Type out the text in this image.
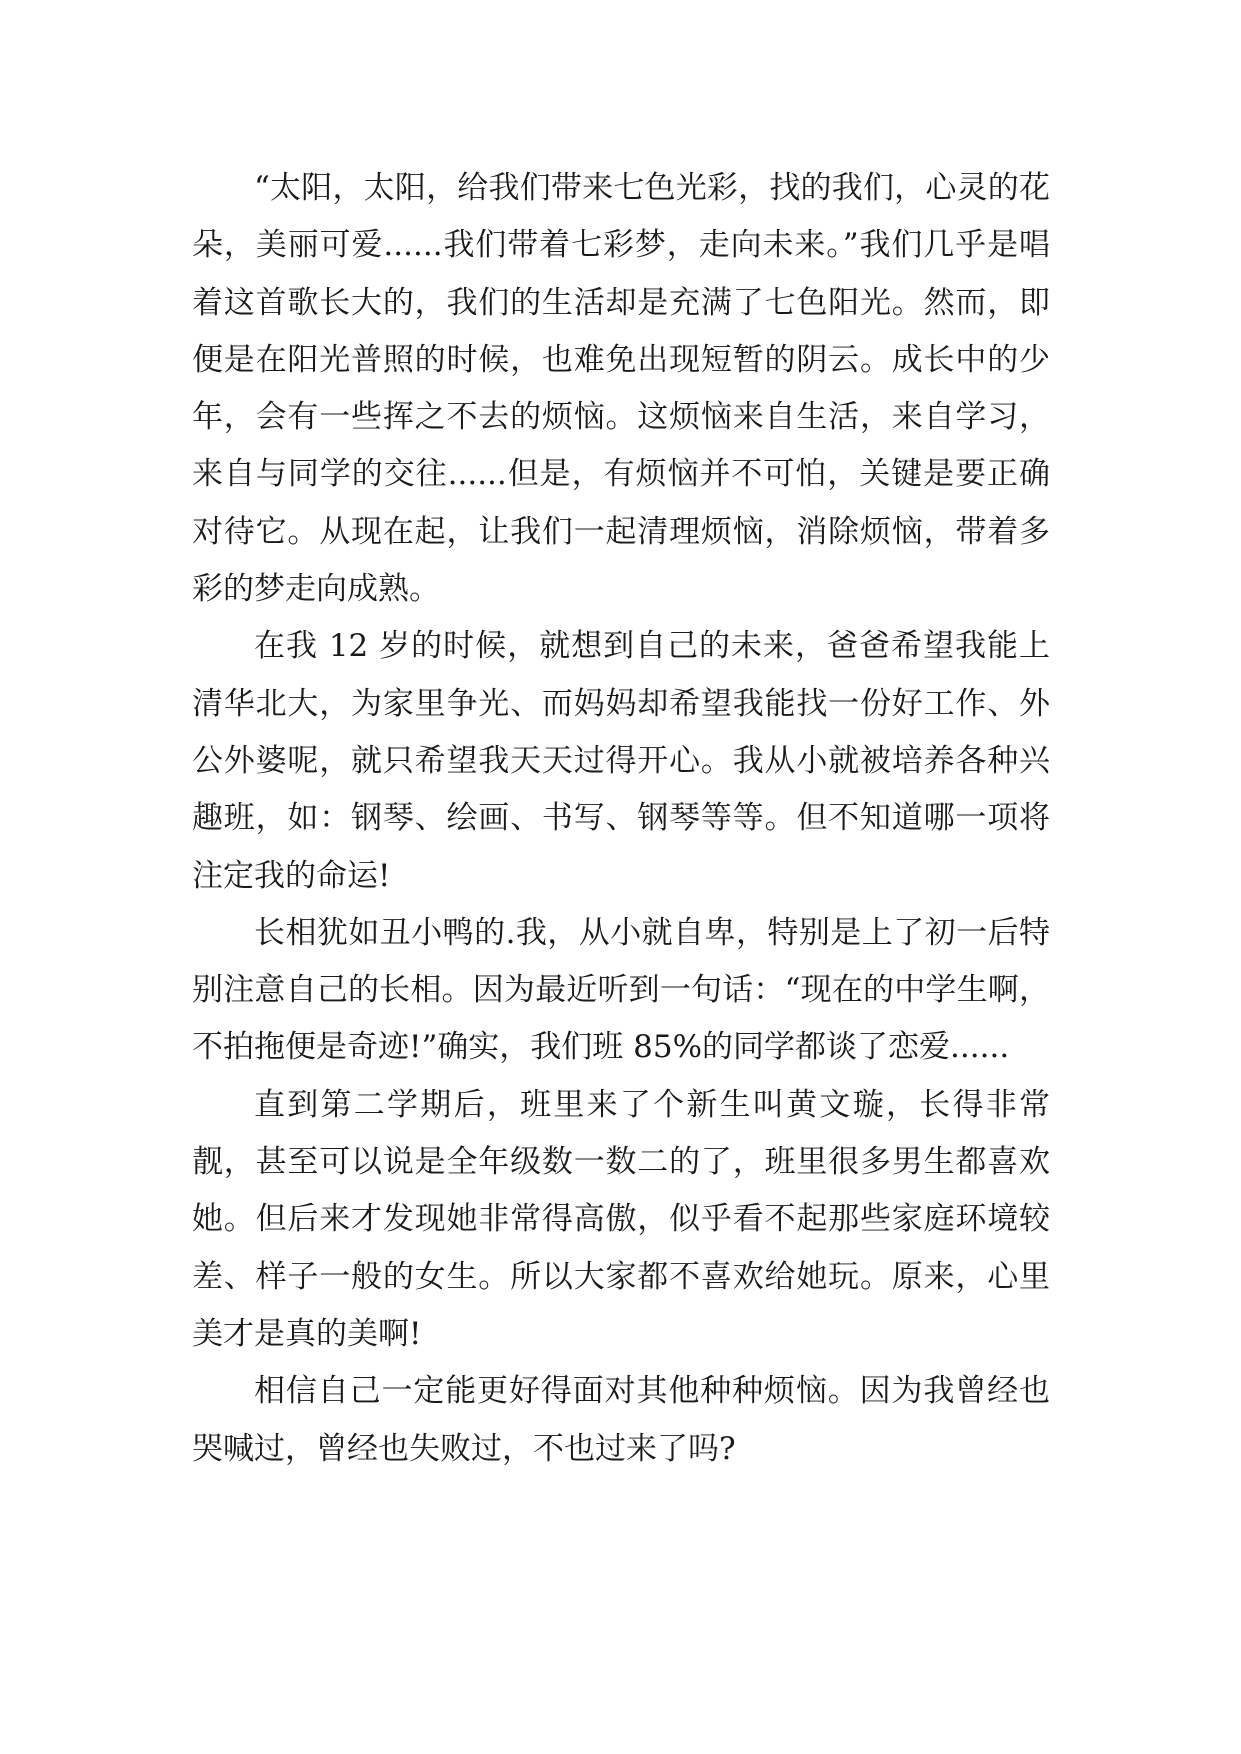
“太阳，太阳，给我们带来七色光彩，找的我们，心灵的花朵，美丽可爱......我们带着七彩梦，走向未来。”我们几乎是唱着这首歌长大的，我们的生活却是充满了七色阳光。然而，即便是在阳光普照的时候，也难免出现短暂的阴云。成长中的少年，会有一些挥之不去的烦恼。这烦恼来自生活，来自学习，来自与同学的交往......但是，有烦恼并不可怕，关键是要正确对待它。从现在起，让我们一起清理烦恼，消除烦恼，带着多彩的梦走向成熟。

在我 12 岁的时候，就想到自己的未来，爸爸希望我能上清华北大，为家里争光、而妈妈却希望我能找一份好工作、外公外婆呢，就只希望我天天过得开心。我从小就被培养各种兴趣班，如：钢琴、绘画、书写、钢琴等等。但不知道哪一项将注定我的命运!

长相犹如丑小鸭的.我，从小就自卑，特别是上了初一后特别注意自己的长相。因为最近听到一句话：“现在的中学生啊，不拍拖便是奇迹!”确实，我们班 85%的同学都谈了恋爱......

直到第二学期后，班里来了个新生叫黄文璇，长得非常靓，甚至可以说是全年级数一数二的了，班里很多男生都喜欢她。但后来才发现她非常得高傲，似乎看不起那些家庭环境较差、样子一般的女生。所以大家都不喜欢给她玩。原来，心里美才是真的美啊!

相信自己一定能更好得面对其他种种烦恼。因为我曾经也哭喊过，曾经也失败过，不也过来了吗?
